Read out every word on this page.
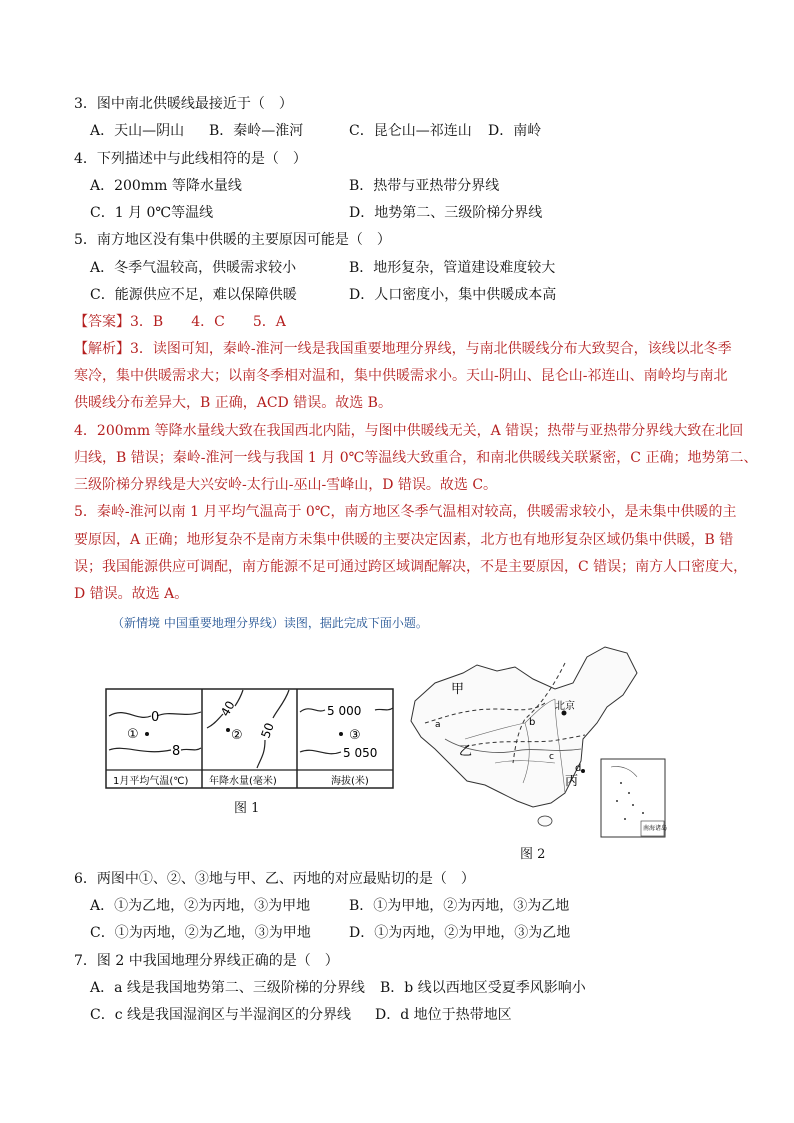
3．图中南北供暖线最接近于（　）
A．天山—阴山 B．秦岭—淮河	C．昆仑山—祁连山 D．南岭
4．下列描述中与此线相符的是（　）
A．200mm 等降水量线	B．热带与亚热带分界线
C．1 月 0℃等温线	D．地势第二、三级阶梯分界线
5．南方地区没有集中供暖的主要原因可能是（　）
A．冬季气温较高，供暖需求较小	B．地形复杂，管道建设难度较大
C．能源供应不足，难以保障供暖	D．人口密度小，集中供暖成本高
【答案】3．B　　4．C　　5．A
【解析】3．读图可知，秦岭-淮河一线是我国重要地理分界线，与南北供暖线分布大致契合，该线以北冬季
寒冷，集中供暖需求大；以南冬季相对温和，集中供暖需求小。天山-阴山、昆仑山-祁连山、南岭均与南北
供暖线分布差异大，B 正确，ACD 错误。故选 B。
4．200mm 等降水量线大致在我国西北内陆，与图中供暖线无关，A 错误；热带与亚热带分界线大致在北回
归线，B 错误；秦岭-淮河一线与我国 1 月 0℃等温线大致重合，和南北供暖线关联紧密，C 正确；地势第二、
三级阶梯分界线是大兴安岭-太行山-巫山-雪峰山，D 错误。故选 C。
5．秦岭-淮河以南 1 月平均气温高于 0℃，南方地区冬季气温相对较高，供暖需求较小，是未集中供暖的主
要原因，A 正确；地形复杂不是南方未集中供暖的主要决定因素，北方也有地形复杂区域仍集中供暖，B 错
误；我国能源供应可调配，南方能源不足可通过跨区域调配解决，不是主要原因，C 错误；南方人口密度大，
D 错误。故选 A。
（新情境 中国重要地理分界线）读图，据此完成下面小题。
0
8
①
1月平均气温(℃)
40
50
②
年降水量(毫米)
5 000
5 050
③
海拔(米)
图 1
北京
甲
乙
丙
a	b
c
d
南海诸岛
图 2
6．两图中①、②、③地与甲、乙、丙地的对应最贴切的是（　）
A．①为乙地，②为丙地，③为甲地	B．①为甲地，②为丙地，③为乙地
C．①为丙地，②为乙地，③为甲地	D．①为丙地，②为甲地，③为乙地
7．图 2 中我国地理分界线正确的是（　）
A．a 线是我国地势第二、三级阶梯的分界线 B．b 线以西地区受夏季风影响小
C．c 线是我国湿润区与半湿润区的分界线 D．d 地位于热带地区
